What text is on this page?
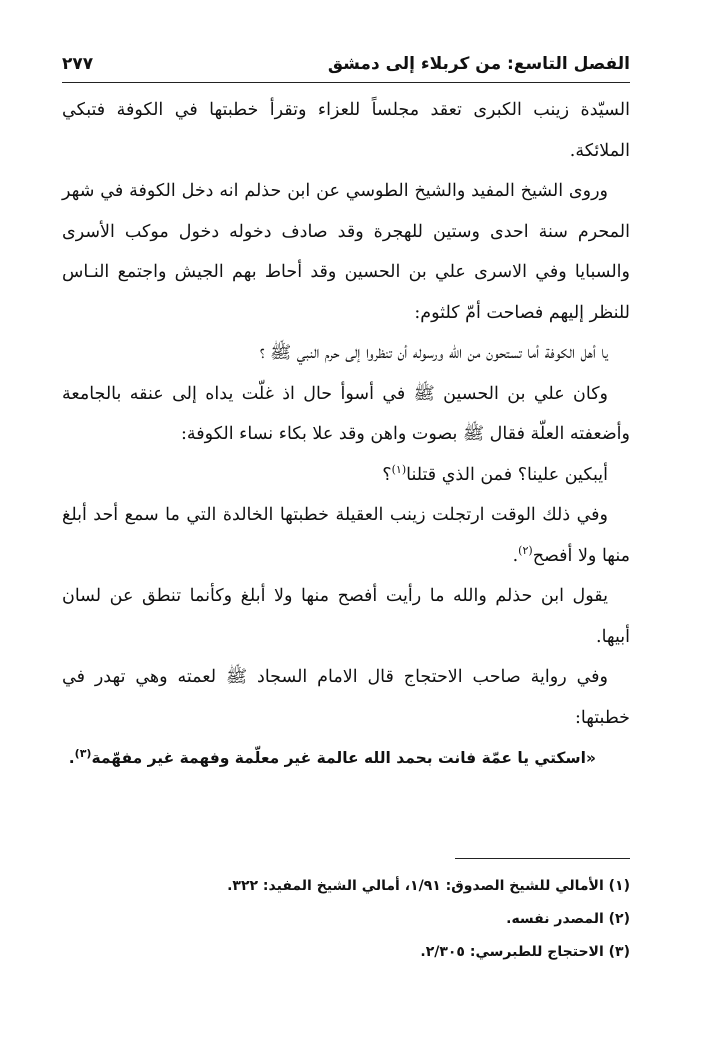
٢٧٧	الفصل التاسع: من كربلاء إلى دمشق

السيّدة زينب الكبرى تعقد مجلساً للعزاء وتقرأ خطبتها في الكوفة فتبكي الملائكة.

وروى الشيخ المفيد والشيخ الطوسي عن ابن حذلم انه دخل الكوفة في شهر المحرم سنة احدى وستين للهجرة وقد صادف دخوله دخول موكب الأسرى والسبايا وفي الاسرى علي بن الحسين وقد أحاط بهم الجيش واجتمع النـاس للنظر إليهم فصاحت أمّ كلثوم:

يا أهل الكوفة أما تستحون من الله ورسوله أن تنظروا إلى حرم النبي ﷺ ؟

وكان علي بن الحسين ﷺ في أسوأ حال اذ غلّت يداه إلى عنقه بالجامعة وأضعفته العلّة فقال ﷺ بصوت واهن وقد علا بكاء نساء الكوفة:

أيبكين علينا؟ فمن الذي قتلنا$^{(١)}$؟

وفي ذلك الوقت ارتجلت زينب العقيلة خطبتها الخالدة التي ما سمع أحد أبلغ منها ولا أفصح$^{(٢)}$.

يقول ابن حذلم والله ما رأيت أفصح منها ولا أبلغ وكأنما تنطق عن لسان أبيها.

وفي رواية صاحب الاحتجاج قال الامام السجاد ﷺ لعمته وهي تهدر في خطبتها:

«اسكتي يا عمّة فانت بحمد الله عالمة غير معلّمة وفهمة غير مفهّمة$^{(٣)}$.

(١) الأمالي للشيخ الصدوق: ١/٩١، أمالي الشيخ المفيد: ٣٢٢.
(٢) المصدر نفسه.
(٣) الاحتجاج للطبرسي: ٢/٣٠٥.
